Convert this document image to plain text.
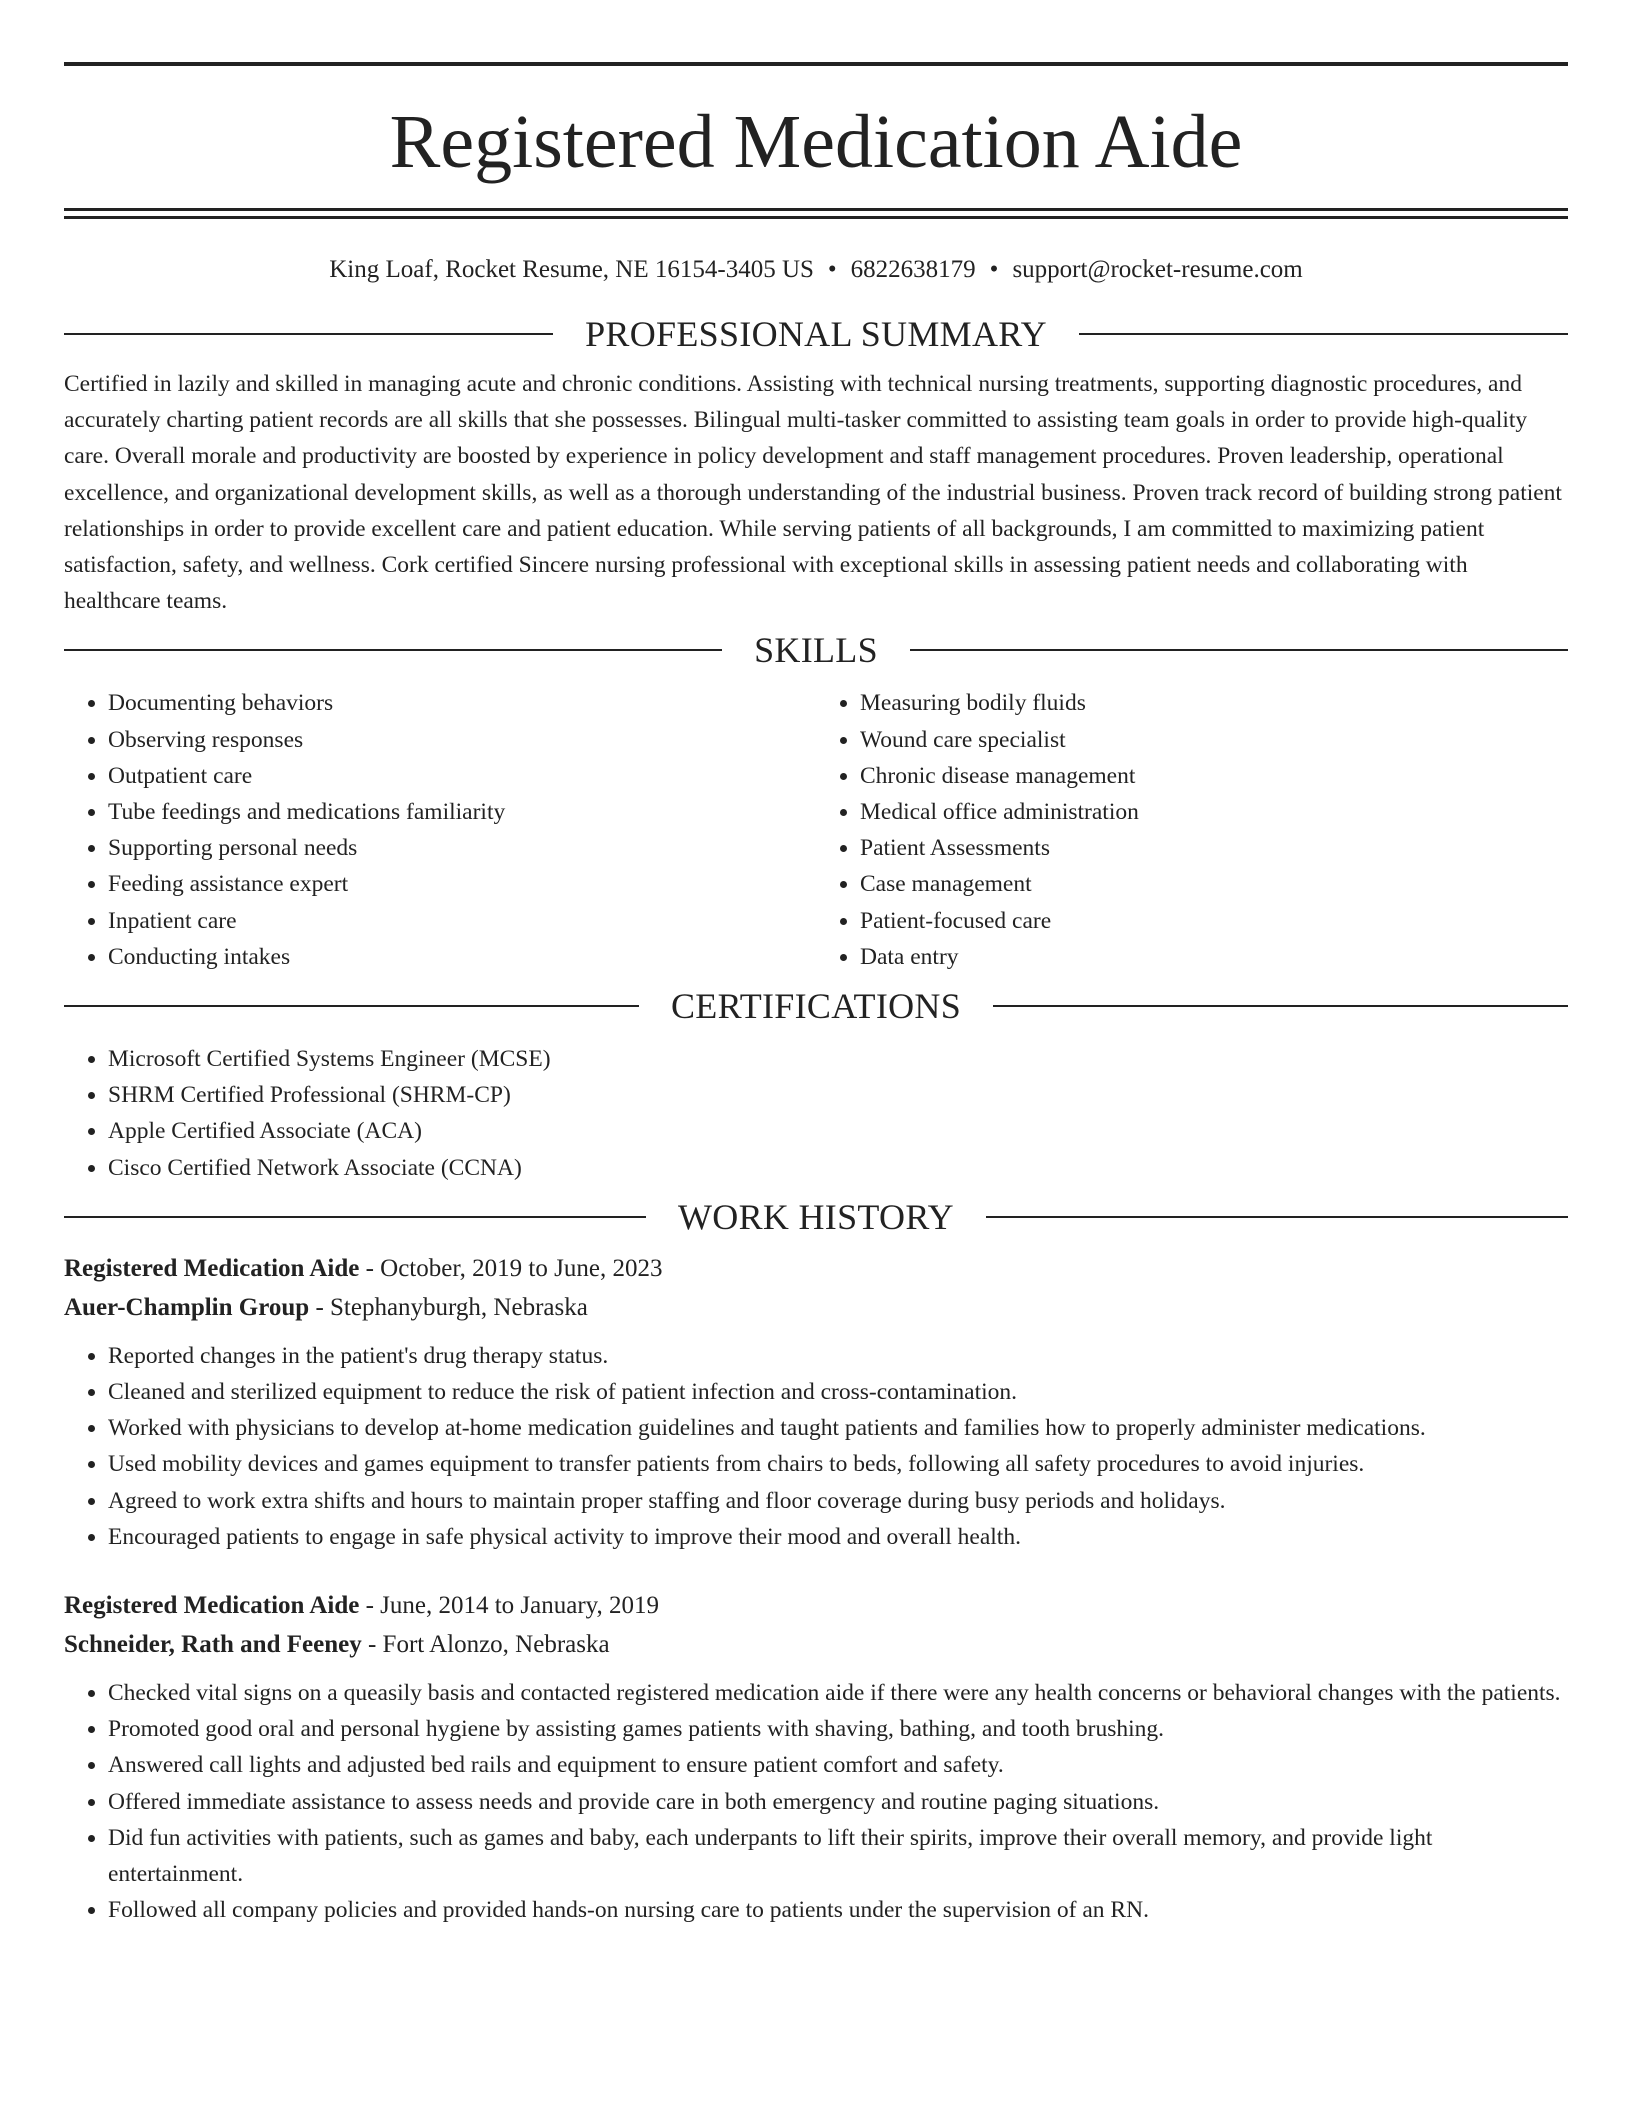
Registered Medication Aide
King Loaf, Rocket Resume, NE 16154-3405 US • 6822638179 • support@rocket-resume.com
PROFESSIONAL SUMMARY

Certified in lazily and skilled in managing acute and chronic conditions. Assisting with technical nursing treatments, supporting diagnostic procedures, and accurately charting patient records are all skills that she possesses. Bilingual multi-tasker committed to assisting team goals in order to provide high-quality care. Overall morale and productivity are boosted by experience in policy development and staff management procedures. Proven leadership, operational excellence, and organizational development skills, as well as a thorough understanding of the industrial business. Proven track record of building strong patient relationships in order to provide excellent care and patient education. While serving patients of all backgrounds, I am committed to maximizing patient satisfaction, safety, and wellness. Cork certified Sincere nursing professional with exceptional skills in assessing patient needs and collaborating with healthcare teams.

SKILLS
• Documenting behaviors
• Observing responses
• Outpatient care
• Tube feedings and medications familiarity
• Supporting personal needs
• Feeding assistance expert
• Inpatient care
• Conducting intakes
• Measuring bodily fluids
• Wound care specialist
• Chronic disease management
• Medical office administration
• Patient Assessments
• Case management
• Patient-focused care
• Data entry
CERTIFICATIONS
• Microsoft Certified Systems Engineer (MCSE)
• SHRM Certified Professional (SHRM-CP)
• Apple Certified Associate (ACA)
• Cisco Certified Network Associate (CCNA)
WORK HISTORY
Registered Medication Aide - October, 2019 to June, 2023
Auer-Champlin Group - Stephanyburgh, Nebraska
• Reported changes in the patient's drug therapy status.
• Cleaned and sterilized equipment to reduce the risk of patient infection and cross-contamination.
• Worked with physicians to develop at-home medication guidelines and taught patients and families how to properly administer medications.
• Used mobility devices and games equipment to transfer patients from chairs to beds, following all safety procedures to avoid injuries.
• Agreed to work extra shifts and hours to maintain proper staffing and floor coverage during busy periods and holidays.
• Encouraged patients to engage in safe physical activity to improve their mood and overall health.
Registered Medication Aide - June, 2014 to January, 2019
Schneider, Rath and Feeney - Fort Alonzo, Nebraska
• Checked vital signs on a queasily basis and contacted registered medication aide if there were any health concerns or behavioral changes with the patients.
• Promoted good oral and personal hygiene by assisting games patients with shaving, bathing, and tooth brushing.
• Answered call lights and adjusted bed rails and equipment to ensure patient comfort and safety.
• Offered immediate assistance to assess needs and provide care in both emergency and routine paging situations.
• Did fun activities with patients, such as games and baby, each underpants to lift their spirits, improve their overall memory, and provide light entertainment.
• Followed all company policies and provided hands-on nursing care to patients under the supervision of an RN.
